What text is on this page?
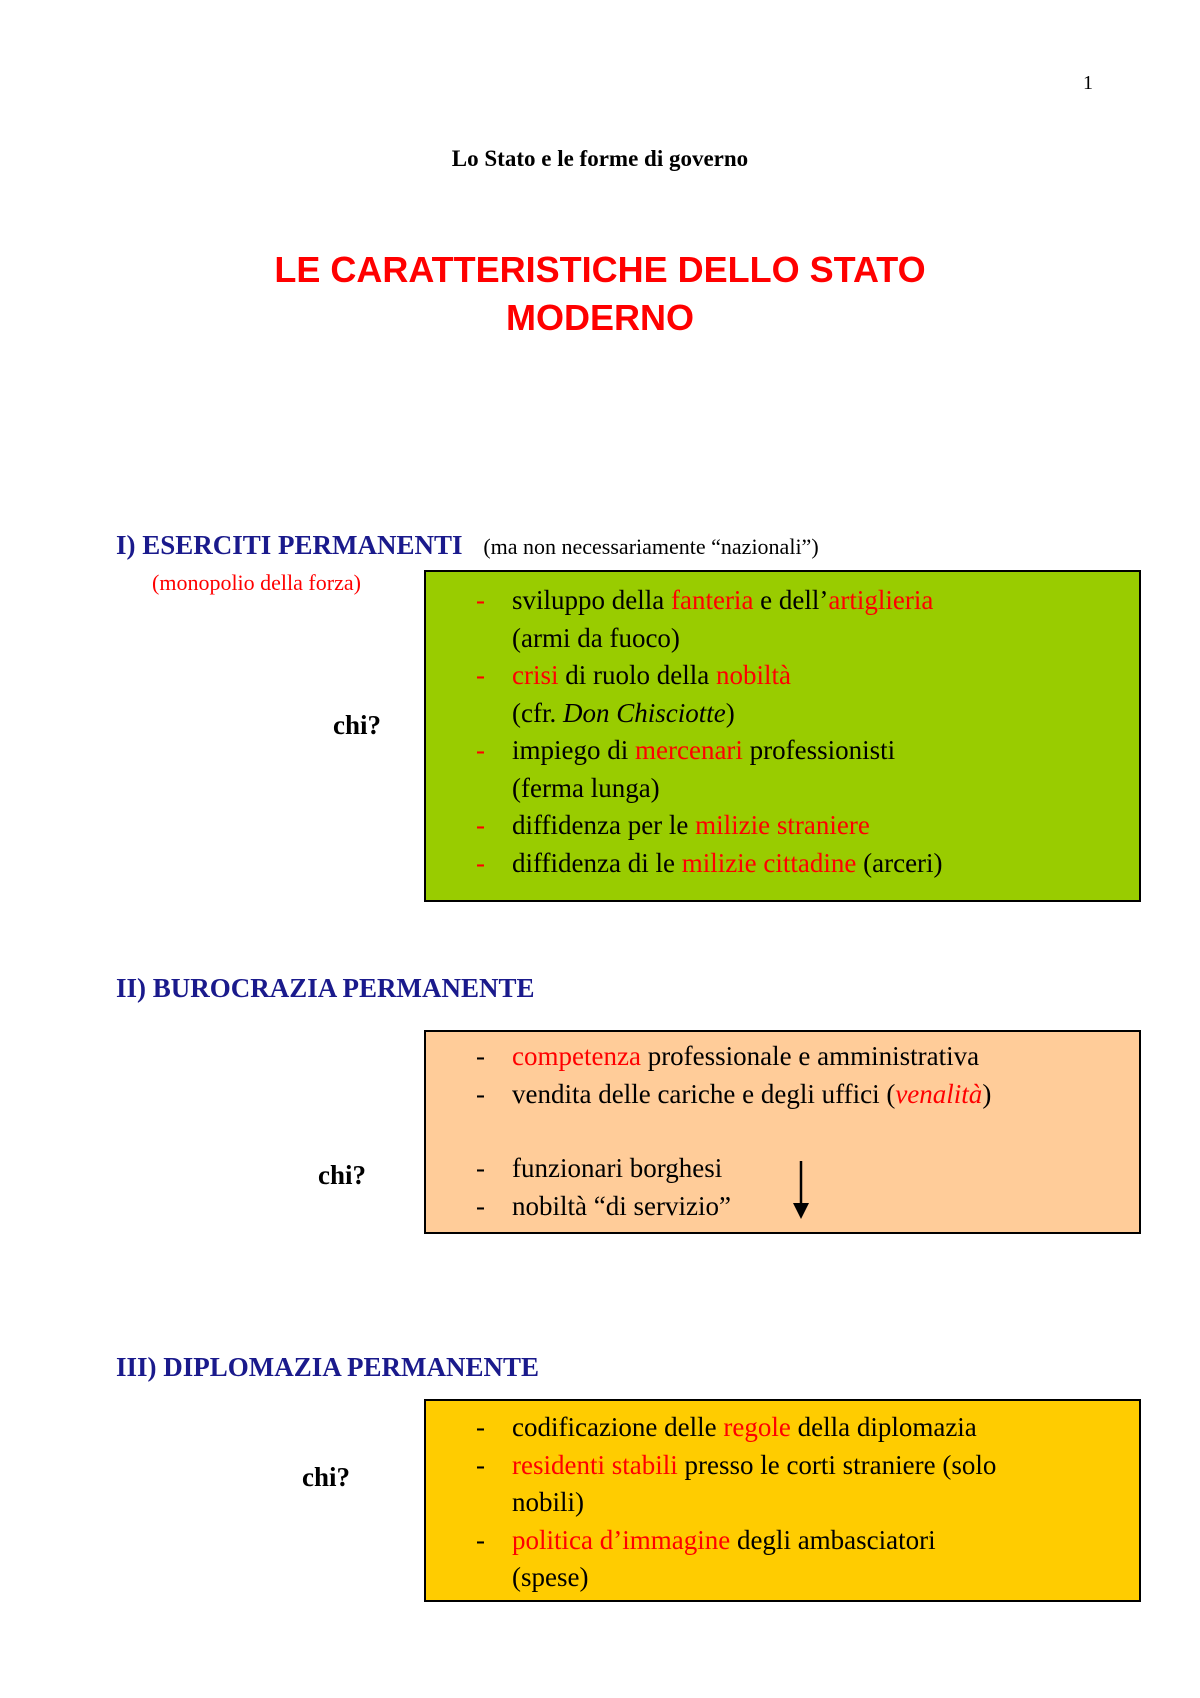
1
Lo Stato e le forme di governo
LE CARATTERISTICHE DELLO STATO
MODERNO
I) ESERCITI PERMANENTI (ma non necessariamente “nazionali”)
(monopolio della forza)
chi?
- sviluppo della fanteria e dell’artiglieria
(armi da fuoco)
- crisi di ruolo della nobiltà
(cfr. Don Chisciotte)
- impiego di mercenari professionisti
(ferma lunga)
- diffidenza per le milizie straniere
- diffidenza di le milizie cittadine (arceri)
II) BUROCRAZIA PERMANENTE
chi?
- competenza professionale e amministrativa
- vendita delle cariche e degli uffici (venalità)
- funzionari borghesi
- nobiltà “di servizio”
III) DIPLOMAZIA PERMANENTE
chi?
- codificazione delle regole della diplomazia
- residenti stabili presso le corti straniere (solo
nobili)
- politica d’immagine degli ambasciatori
(spese)
